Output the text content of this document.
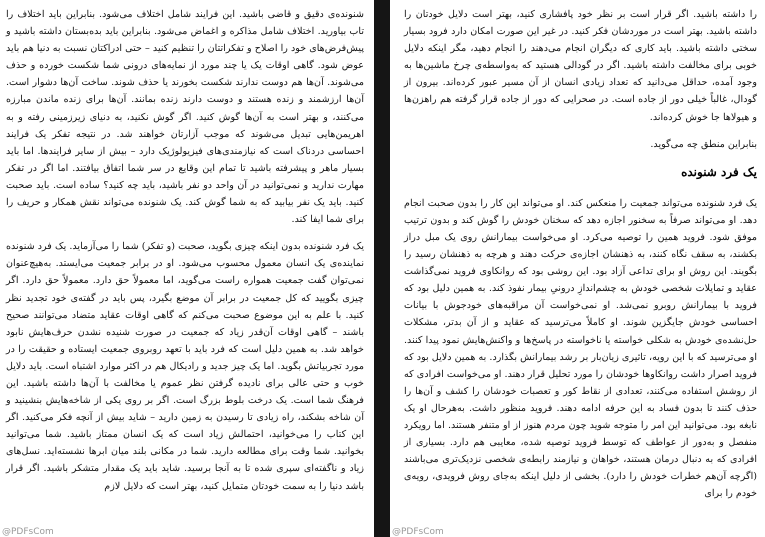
شنونده‌ی دقیق و قاضی باشید. این فرایند شامل اختلاف می‌شود. بنابراین باید اختلاف را تاب بیاورید. اختلاف شامل مذاکره و اغماض می‌شود. بنابراین باید بده‌بستان داشته باشید و پیش‌فرض‌های خود را اصلاح و تفکراتتان را تنظیم کنید – حتی ادراکتان نسبت به دنیا هم باید عوض شود. گاهی اوقات یک یا چند مورد از نمایه‌های درونی شما شکست خورده و حذف می‌شوند. آن‌ها هم دوست ندارند شکست بخورند یا حذف شوند. ساخت آن‌ها دشوار است. آن‌ها ارزشمند و زنده هستند و دوست دارند زنده بمانند. آن‌ها برای زنده ماندن مبارزه می‌کنند، و بهتر است به آن‌ها گوش کنید. اگر گوش نکنید، به دنیای زیرزمینی رفته و به اهریمن‌هایی تبدیل می‌شوند که موجب آزارتان خواهند شد. در نتیجه تفکر یک فرایند احساسی دردناک است که نیازمندی‌های فیزیولوژیک دارد – بیش از سایر فرایندها. اما باید بسیار ماهر و پیشرفته باشید تا تمام این وقایع در سر شما اتفاق بیافتند. اما اگر در تفکر مهارت ندارید و نمی‌توانید در آن واحد دو نفر باشید، باید چه کنید؟ ساده است. باید صحبت کنید. باید یک نفر بیابید که به شما گوش کند. یک شنونده می‌تواند نقش همکار و حریف را برای شما ایفا کند.

یک فرد شنونده بدون اینکه چیزی بگوید، صحبت (و تفکر) شما را می‌آزماید. یک فرد شنونده نماینده‌ی یک انسان معمول محسوب می‌شود. او در برابر جمعیت می‌ایستد. به‌هیچ‌عنوان نمی‌توان گفت جمعیت همواره راست می‌گوید، اما معمولاً حق دارد. معمولاً حق دارد. اگر چیزی بگویید که کل جمعیت در برابر آن موضع بگیرد، پس باید در گفته‌ی خود تجدید نظر کنید. با علم به این موضوع صحبت می‌کنم که گاهی اوقات عقاید متضاد می‌توانند صحیح باشند – گاهی اوقات آن‌قدر زیاد که جمعیت در صورت شنیده نشدن حرف‌هایش نابود خواهد شد. به همین دلیل است که فرد باید با تعهد روبروی جمعیت ایستاده و حقیقت را در مورد تجربیاتش بگوید. اما یک چیز جدید و رادیکال هم در اکثر موارد اشتباه است. باید دلایل خوب و حتی عالی برای نادیده گرفتن نظر عموم یا مخالفت با آن‌ها داشته باشید. این فرهنگ شما است. یک درخت بلوط بزرگ است. اگر بر روی یکی از شاخه‌هایش بنشینید و آن شاخه بشکند، راه زیادی تا رسیدن به زمین دارید – شاید بیش از آنچه فکر می‌کنید. اگر این کتاب را می‌خوانید، احتمالش زیاد است که یک انسان ممتاز باشید. شما می‌توانید بخوانید. شما وقت برای مطالعه دارید. شما در مکانی بلند میان ابرها نشسته‌اید. نسل‌های زیاد و ناگفته‌ای سپری شده تا به آنجا برسید. شاید باید یک مقدار متشکر باشید. اگر قرار باشد دنیا را به سمت خودتان متمایل کنید، بهتر است که دلایل لازم

را داشته باشید. اگر قرار است بر نظر خود پافشاری کنید، بهتر است دلایل خودتان را داشته باشید. بهتر است در موردشان فکر کنید. در غیر این صورت امکان دارد فرود بسیار سختی داشته باشید. باید کاری که دیگران انجام می‌دهند را انجام دهید، مگر اینکه دلایل خوبی برای مخالفت داشته باشید. اگر در گودالی هستید که به‌واسطه‌ی چرخ ماشین‌ها به وجود آمده، حداقل می‌دانید که تعداد زیادی انسان از آن مسیر عبور کرده‌اند. بیرون از گودال، غالباً خیلی دور از جاده است. در صحرایی که دور از جاده قرار گرفته هم راهزن‌ها و هیولاها جا خوش کرده‌اند.

بنابراین منطق چه می‌گوید.

یک فرد شنونده

یک فرد شنونده می‌تواند جمعیت را منعکس کند. او می‌تواند این کار را بدون صحبت انجام دهد. او می‌تواند صرفاً به سخنور اجازه دهد که سخنان خودش را گوش کند و بدون ترتیب موفق شود. فروید همین را توصیه می‌کرد. او می‌خواست بیمارانش روی یک مبل دراز بکشند، به سقف نگاه کنند، به ذهنشان اجازه‌ی حرکت دهند و هرچه به ذهنشان رسید را بگویند. این روش او برای تداعی آزاد بود. این روشی بود که روانکاوی فروید نمی‌گذاشت عقاید و تمایلات شخصی خودش به چشم‌اندازِ درونیِ بیمار نفوذ کند. به همین دلیل بود که فروید با بیمارانش روبرو نمی‌شد. او نمی‌خواست آن مراقبه‌های خودجوش با بیانات احساسی خودش جایگزین شوند. او کاملاً می‌ترسید که عقاید و از آن بدتر، مشکلات حل‌نشده‌ی خودش به شکلی خواسته یا ناخواسته در پاسخ‌ها و واکنش‌هایش نمود پیدا کنند. او می‌ترسید که با این رویه، تاثیری زیان‌بار بر رشد بیمارانش بگذارد. به همین دلایل بود که فروید اصرار داشت روانکاوها خودشان را مورد تحلیل قرار دهند. او می‌خواست افرادی که از روشش استفاده می‌کنند، تعدادی از نقاط کور و تعصبات خودشان را کشف و آن‌ها را حذف کنند تا بدون فساد به این حرفه ادامه دهند. فروید منظور داشت. به‌هرحال او یک نابغه بود. می‌توانید این امر را متوجه شوید چون مردم هنوز از او متنفر هستند. اما رویکرد منفصل و به‌دور از عواطف که توسط فروید توصیه شده، معایبی هم دارد. بسیاری از افرادی که به دنبال درمان هستند، خواهان و نیازمند رابطه‌ی شخصی نزدیک‌تری می‌باشند (اگرچه آن‌هم خطرات خودش را دارد). بخشی از دلیل اینکه به‌جای روش فرویدی، رویه‌ی خودم را برای

@PDFsCom	@PDFsCom
